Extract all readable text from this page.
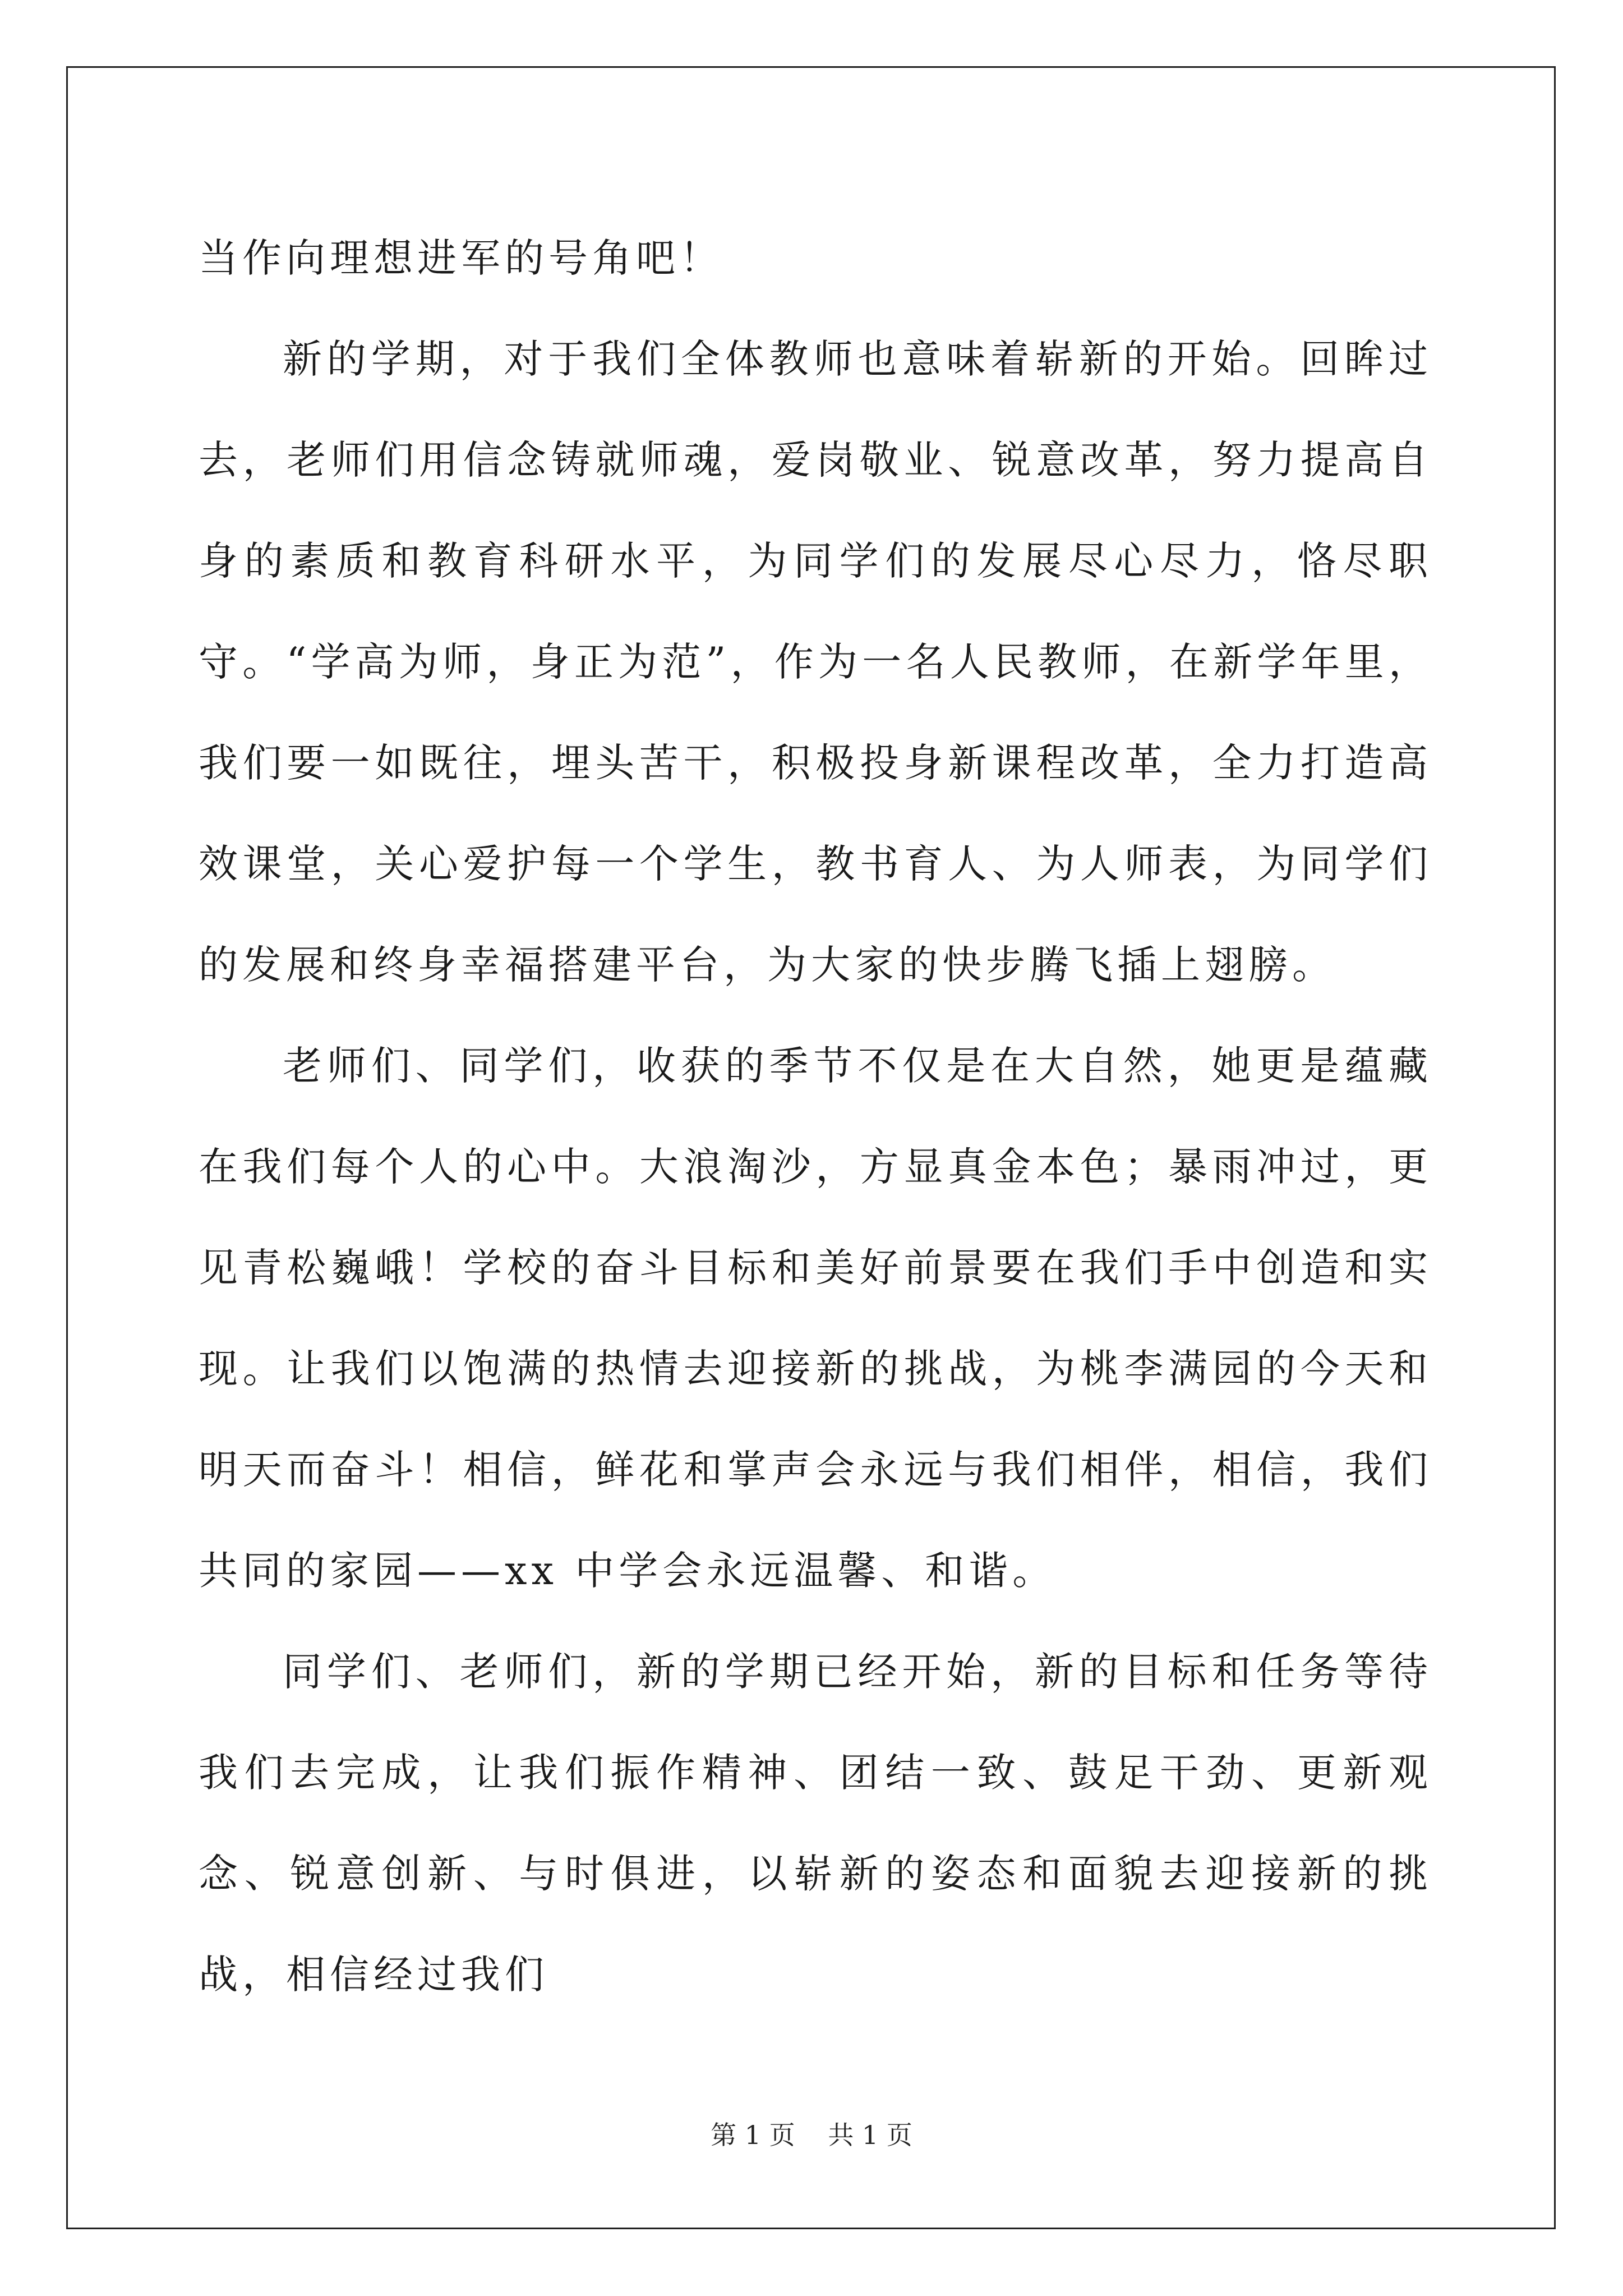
当作向理想进军的号角吧！

新的学期，对于我们全体教师也意味着崭新的开始。回眸过去，老师们用信念铸就师魂，爱岗敬业、锐意改革，努力提高自身的素质和教育科研水平，为同学们的发展尽心尽力，恪尽职守。“学高为师，身正为范”，作为一名人民教师，在新学年里，我们要一如既往，埋头苦干，积极投身新课程改革，全力打造高效课堂，关心爱护每一个学生，教书育人、为人师表，为同学们的发展和终身幸福搭建平台，为大家的快步腾飞插上翅膀。

老师们、同学们，收获的季节不仅是在大自然，她更是蕴藏在我们每个人的心中。大浪淘沙，方显真金本色；暴雨冲过，更见青松巍峨！学校的奋斗目标和美好前景要在我们手中创造和实现。让我们以饱满的热情去迎接新的挑战，为桃李满园的今天和明天而奋斗！相信，鲜花和掌声会永远与我们相伴，相信，我们共同的家园——xx 中学会永远温馨、和谐。

同学们、老师们，新的学期已经开始，新的目标和任务等待我们去完成，让我们振作精神、团结一致、鼓足干劲、更新观念、锐意创新、与时俱进，以崭新的姿态和面貌去迎接新的挑战，相信经过我们

第 1 页 共 1 页
